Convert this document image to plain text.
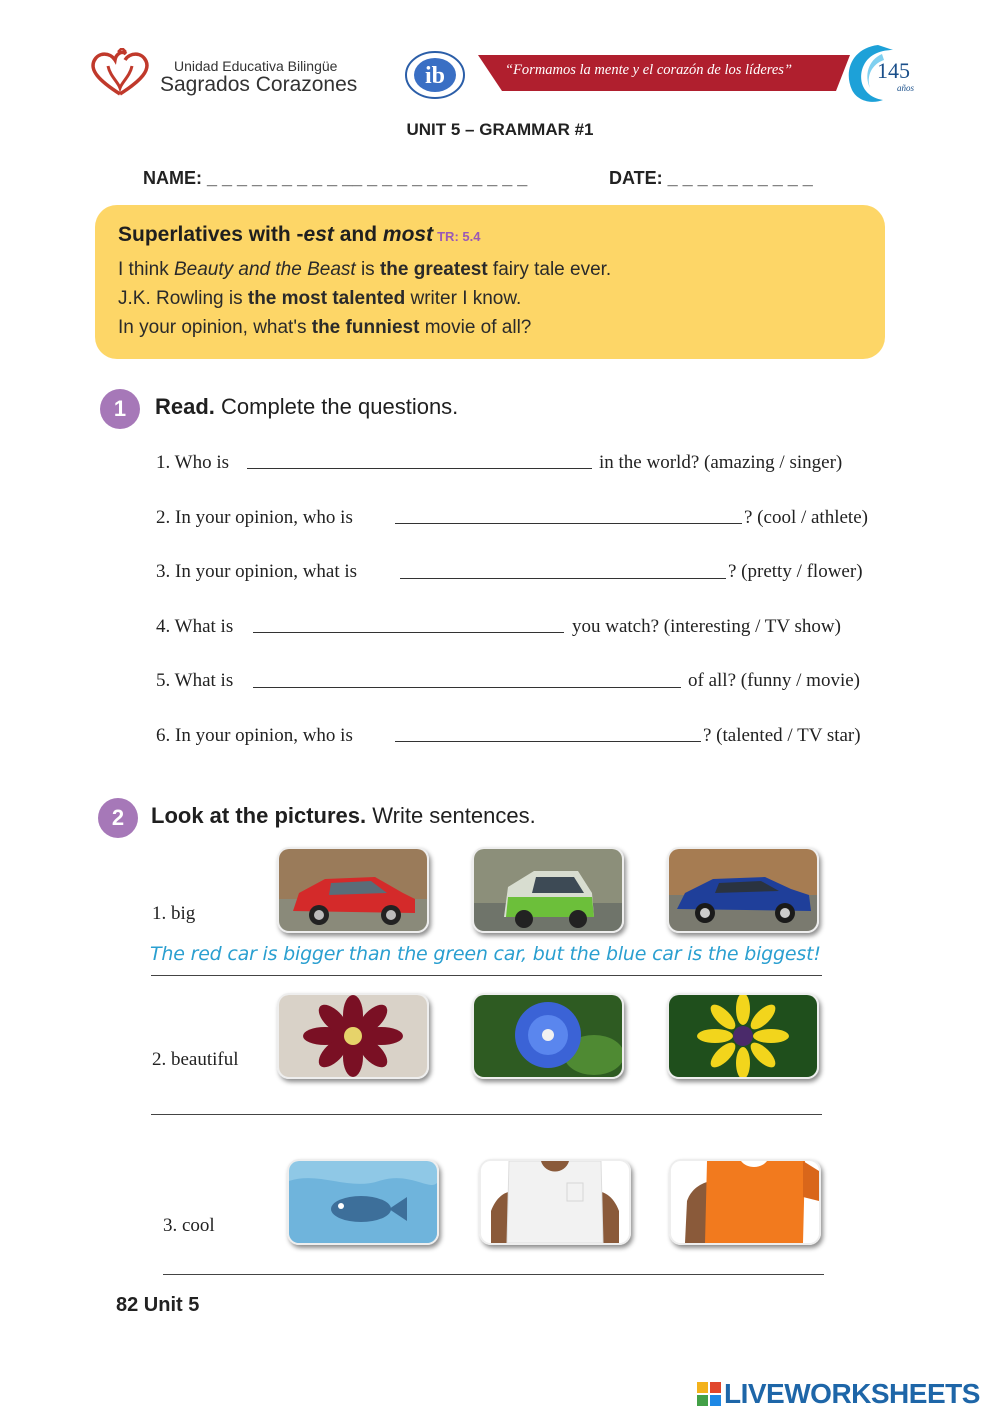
Unidad Educativa Bilingüe
Sagrados Corazones	ib	“Formamos la mente y el corazón de los líderes”	145
años
UNIT 5 – GRAMMAR #1
NAME: _ _ _ _ _ _ _ _ _ __ _ _ _ _ _ _ _ _ _ _ _	DATE: _ _ _ _ _ _ _ _ _ _
Superlatives with -est and most TR: 5.4
I think Beauty and the Beast is the greatest fairy tale ever.
J.K. Rowling is the most talented writer I know.
In your opinion, what's the funniest movie of all?
1	Read. Complete the questions.
1. Who is	in the world? (amazing / singer)
2. In your opinion, who is	? (cool / athlete)
3. In your opinion, what is	? (pretty / flower)
4. What is	you watch? (interesting / TV show)
5. What is	of all? (funny / movie)
6. In your opinion, who is	? (talented / TV star)
2	Look at the pictures. Write sentences.
1. big
The red car is bigger than the green car, but the blue car is the biggest!
2. beautiful
3. cool
82 Unit 5
LIVEWORKSHEETS
